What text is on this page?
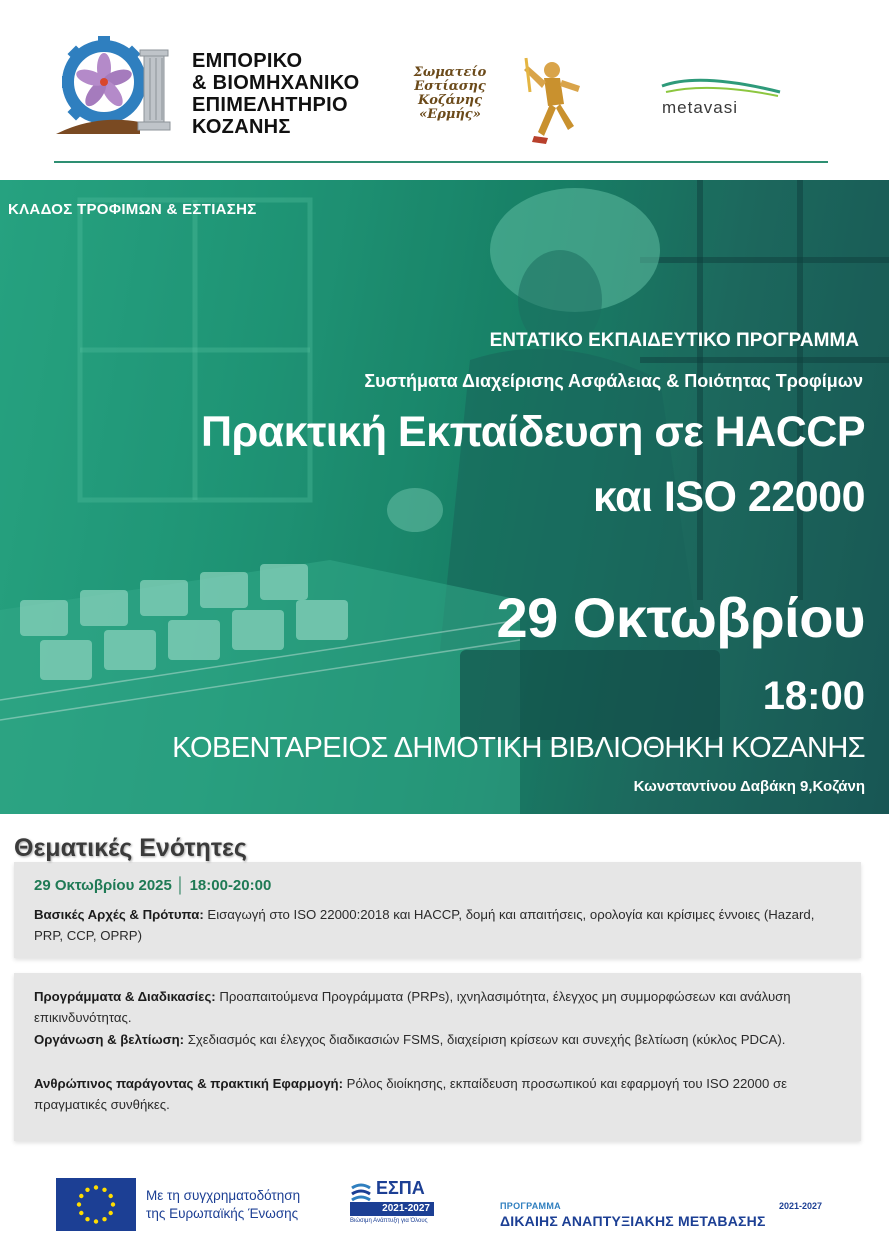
ΕΜΠΟΡΙΚΟ
& ΒΙΟΜΗΧΑΝΙΚΟ
ΕΠΙΜΕΛΗΤΗΡΙΟ
ΚΟΖΑΝΗΣ
Σωματείο
Εστίασης
Κοζάνης
«Ερμής»	metavasi
ΚΛΑΔΟΣ ΤΡΟΦΙΜΩΝ & ΕΣΤΙΑΣΗΣ
ΕΝΤΑΤΙΚΟ ΕΚΠΑΙΔΕΥΤΙΚΟ ΠΡΟΓΡΑΜΜΑ
Συστήματα Διαχείρισης Ασφάλειας & Ποιότητας Τροφίμων
Πρακτική Εκπαίδευση σε HACCP
και ISO 22000
29 Οκτωβρίου
18:00
ΚΟΒΕΝΤΑΡΕΙΟΣ ΔΗΜΟΤΙΚΗ ΒΙΒΛΙΟΘΗΚΗ ΚΟΖΑΝΗΣ
Κωνσταντίνου Δαβάκη 9,Κοζάνη
29 Οκτωβρίου 2025 │ 18:00-20:00
Βασικές Αρχές & Πρότυπα: Εισαγωγή στο ISO 22000:2018 και HACCP, δομή και απαιτήσεις, ορολογία και κρίσιμες έννοιες (Hazard, PRP, CCP, OPRP)
Θεματικές Ενότητες
Προγράμματα & Διαδικασίες: Προαπαιτούμενα Προγράμματα (PRPs), ιχνηλασιμότητα, έλεγχος μη συμμορφώσεων και ανάλυση επικινδυνότητας.
Οργάνωση & βελτίωση: Σχεδιασμός και έλεγχος διαδικασιών FSMS, διαχείριση κρίσεων και συνεχής βελτίωση (κύκλος PDCA).
Ανθρώπινος παράγοντας & πρακτική Εφαρμογή: Ρόλος διοίκησης, εκπαίδευση προσωπικού και εφαρμογή του ISO 22000 σε πραγματικές συνθήκες.
Με τη συγχρηματοδότηση
της Ευρωπαϊκής Ένωσης
ΕΣΠΑ
2021-2027
Βιώσιμη Ανάπτυξη για Όλους
ΠΡΟΓΡΑΜΜΑ	2021-2027
ΔΙΚΑΙΗΣ ΑΝΑΠΤΥΞΙΑΚΗΣ ΜΕΤΑΒΑΣΗΣ
